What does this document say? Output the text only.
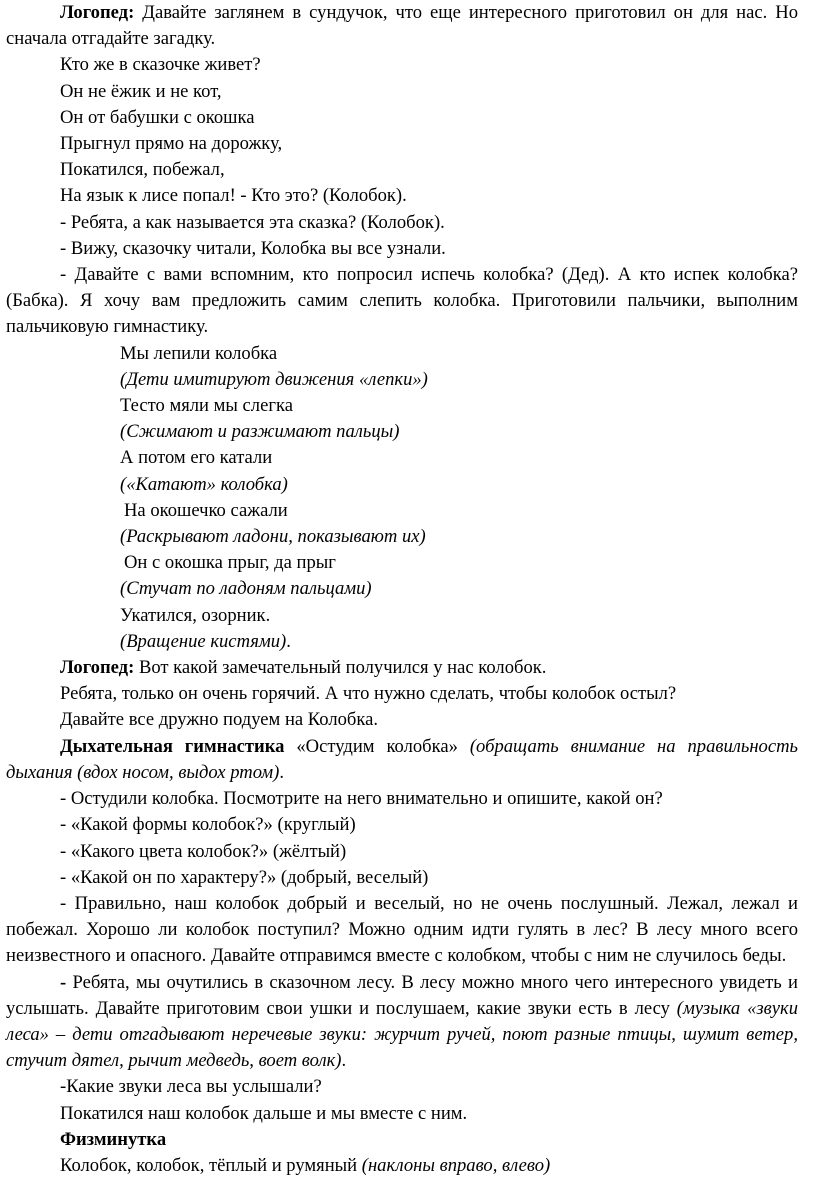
Логопед: Давайте заглянем в сундучок, что еще интересного приготовил он для нас. Но сначала отгадайте загадку.

Кто же в сказочке живет?

Он не ёжик и не кот,

Он от бабушки с окошка

Прыгнул прямо на дорожку,

Покатился, побежал,

На язык к лисе попал! - Кто это? (Колобок).

- Ребята, а как называется эта сказка? (Колобок).

- Вижу, сказочку читали, Колобка вы все узнали.

- Давайте с вами вспомним, кто попросил испечь колобка? (Дед). А кто испек колобка? (Бабка). Я хочу вам предложить самим слепить колобка. Приготовили пальчики, выполним пальчиковую гимнастику.

Мы лепили колобка

(Дети имитируют движения «лепки»)

Тесто мяли мы слегка

(Сжимают и разжимают пальцы)

А потом его катали

(«Катают» колобка)

На окошечко сажали

(Раскрывают ладони, показывают их)

Он с окошка прыг, да прыг

(Стучат по ладоням пальцами)

Укатился, озорник.

(Вращение кистями).

Логопед: Вот какой замечательный получился у нас колобок.

Ребята, только он очень горячий. А что нужно сделать, чтобы колобок остыл?

Давайте все дружно подуем на Колобка.

Дыхательная гимнастика «Остудим колобка» (обращать внимание на правильность дыхания (вдох носом, выдох ртом).

- Остудили колобка. Посмотрите на него внимательно и опишите, какой он?

- «Какой формы колобок?» (круглый)

- «Какого цвета колобок?» (жёлтый)

- «Какой он по характеру?» (добрый, веселый)

- Правильно, наш колобок добрый и веселый, но не очень послушный. Лежал, лежал и побежал. Хорошо ли колобок поступил? Можно одним идти гулять в лес? В лесу много всего неизвестного и опасного. Давайте отправимся вместе с колобком, чтобы с ним не случилось беды.

- Ребята, мы очутились в сказочном лесу. В лесу можно много чего интересного увидеть и услышать. Давайте приготовим свои ушки и послушаем, какие звуки есть в лесу (музыка «звуки леса» – дети отгадывают неречевые звуки: журчит ручей, поют разные птицы, шумит ветер, стучит дятел, рычит медведь, воет волк).

-Какие звуки леса вы услышали?

Покатился наш колобок дальше и мы вместе с ним.

Физминутка

Колобок, колобок, тёплый и румяный (наклоны вправо, влево)
